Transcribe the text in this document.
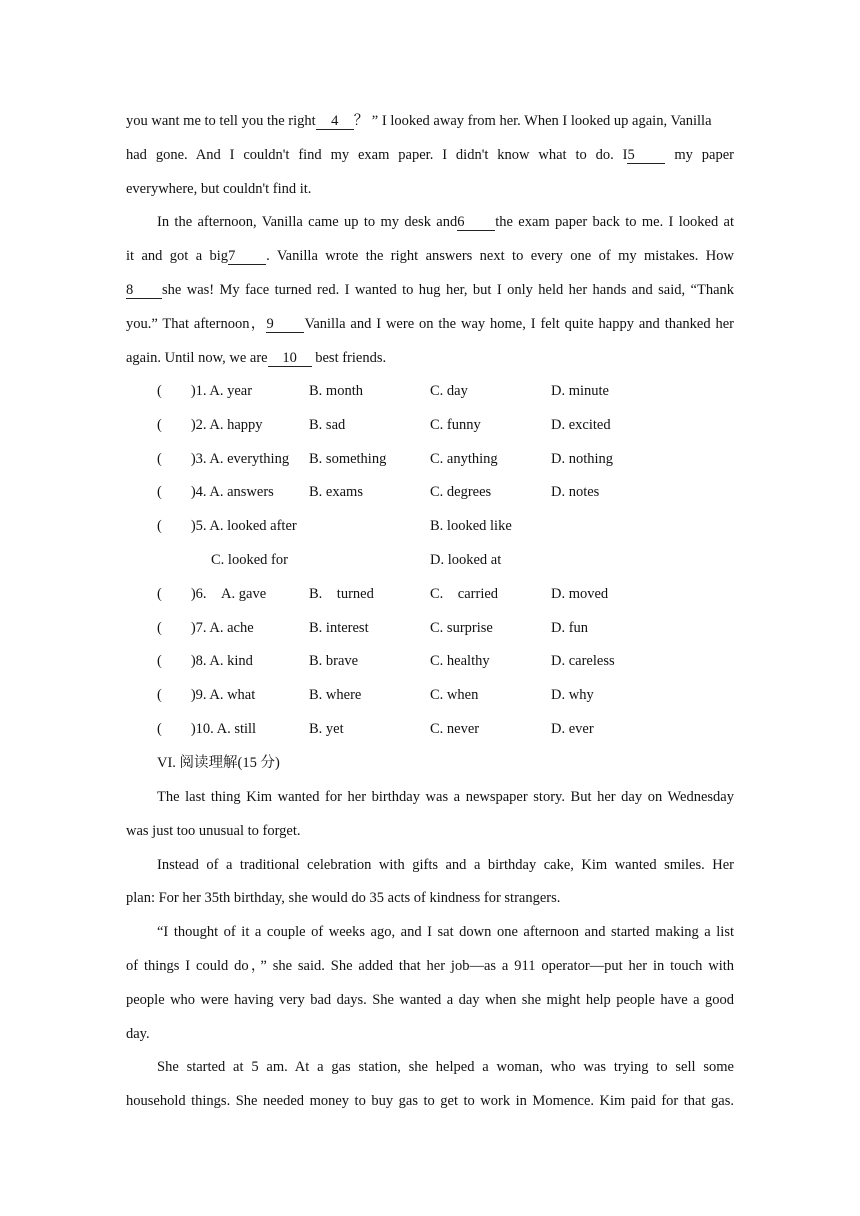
you want me to tell you the right 4 ？ ” I looked away from her. When I looked up again, Vanilla
had gone. And I couldn't find my exam paper. I didn't know what to do. I5 my paper
everywhere, but couldn't find it.
In the afternoon, Vanilla came up to my desk and6 the exam paper back to me. I looked at
it and got a big7 . Vanilla wrote the right answers next to every one of my mistakes. How
8 she was! My face turned red. I wanted to hug her, but I only held her hands and said, “Thank
you.” That afternoon，9 Vanilla and I were on the way home, I felt quite happy and thanked her
again. Until now, we are 10 best friends.
(　　)1. A. year	B. month	C. day	D. minute
(　　)2. A. happy	B. sad	C. funny	D. excited
(　　)3. A. everything B. something	C. anything	D. nothing
(　　)4. A. answers B. exams	C. degrees	D. notes
(　　)5. A. looked after	B. looked like
C. looked for	D. looked at
(　　)6.　A. gave	B.　turned	C.　carried	D. moved
(　　)7. A. ache	B. interest	C. surprise	D. fun
(　　)8. A. kind	B. brave	C. healthy	D. careless
(　　)9. A. what	B. where	C. when	D. why
(　　)10. A. still	B. yet	C. never	D. ever
VI. 阅读理解(15 分)
The last thing Kim wanted for her birthday was a newspaper story. But her day on Wednesday
was just too unusual to forget.
Instead of a traditional celebration with gifts and a birthday cake, Kim wanted smiles. Her
plan: For her 35th birthday, she would do 35 acts of kindness for strangers.
“I thought of it a couple of weeks ago, and I sat down one afternoon and started making a list
of things I could do，” she said. She added that her job—as a 911 operator—put her in touch with
people who were having very bad days. She wanted a day when she might help people have a good
day.
She started at 5 am. At a gas station, she helped a woman, who was trying to sell some
household things. She needed money to buy gas to get to work in Momence. Kim paid for that gas.
